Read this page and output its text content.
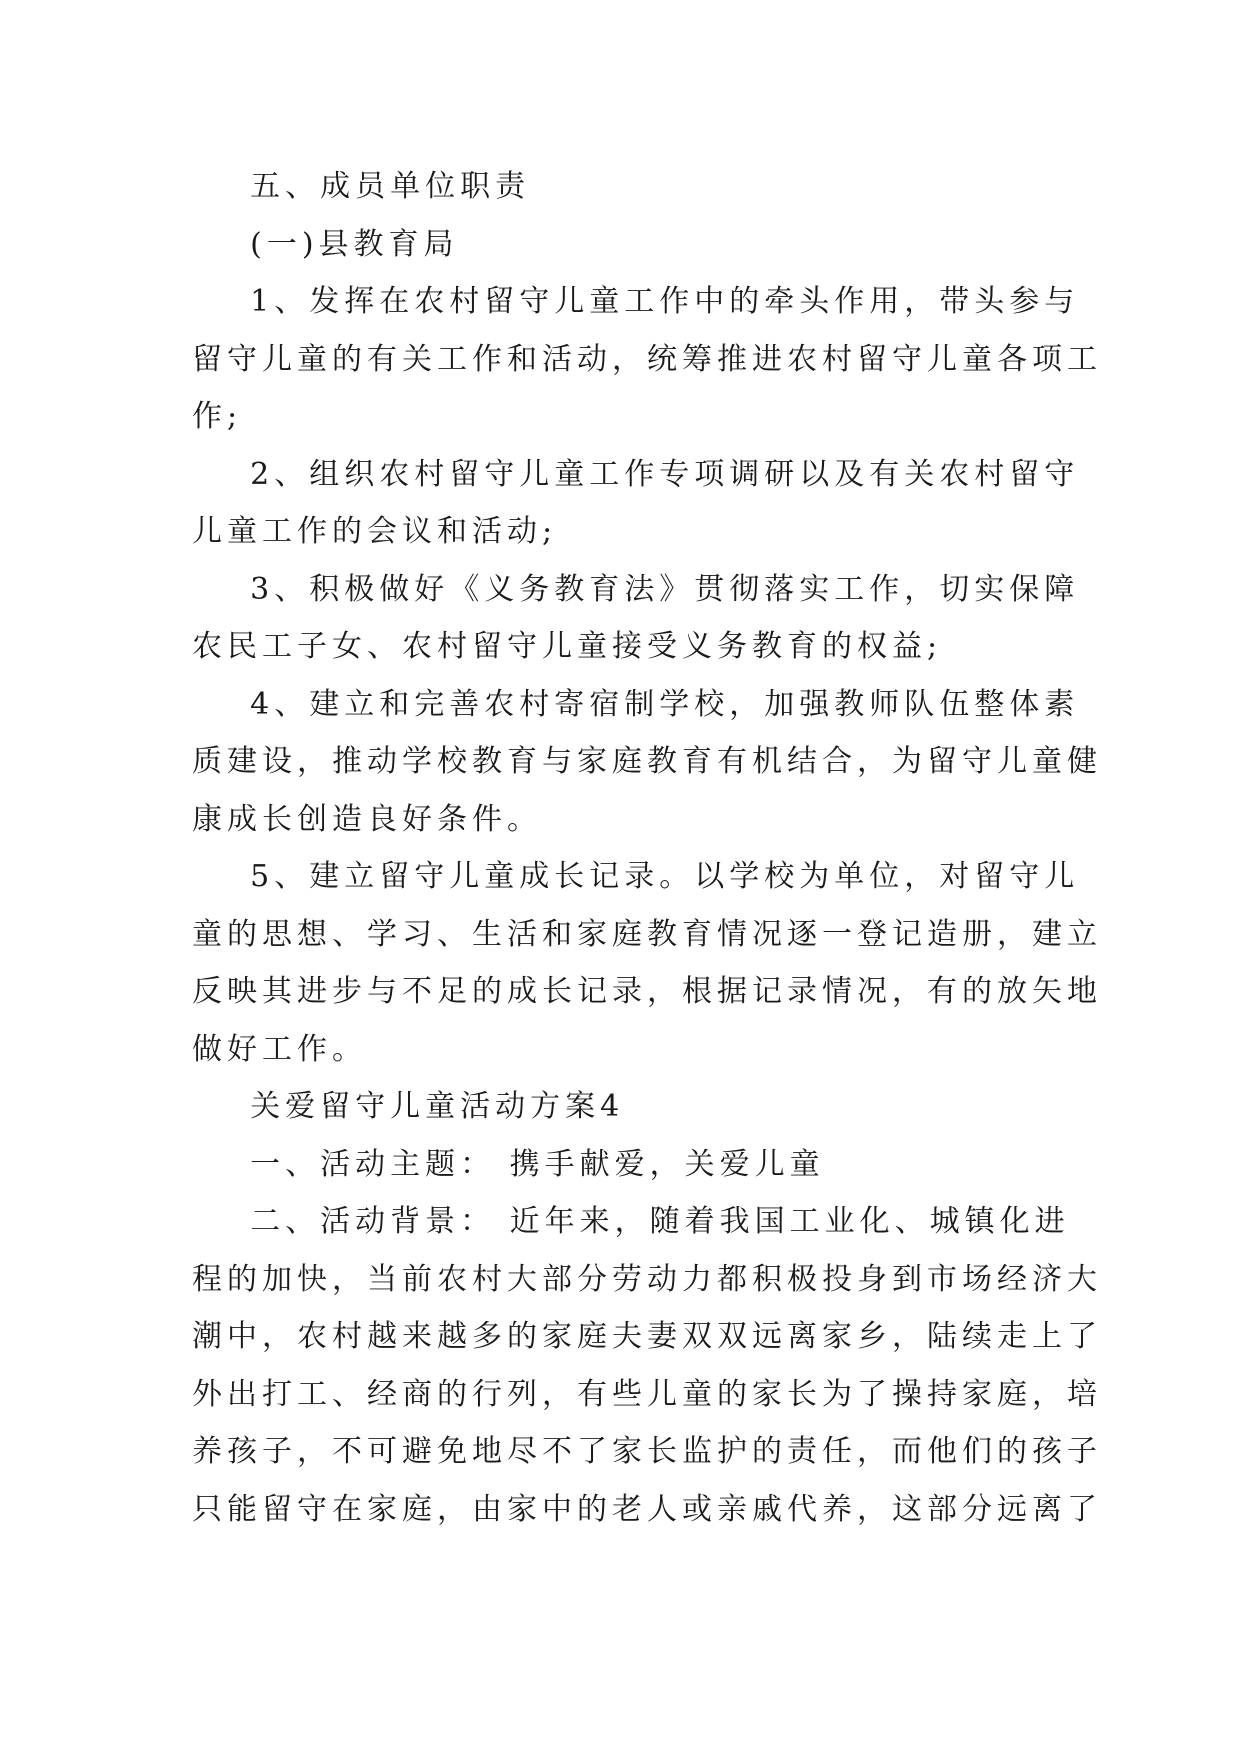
五、成员单位职责
(一)县教育局
1、发挥在农村留守儿童工作中的牵头作用，带头参与
留守儿童的有关工作和活动，统筹推进农村留守儿童各项工
作;
2、组织农村留守儿童工作专项调研以及有关农村留守
儿童工作的会议和活动;
3、积极做好《义务教育法》贯彻落实工作，切实保障
农民工子女、农村留守儿童接受义务教育的权益;
4、建立和完善农村寄宿制学校，加强教师队伍整体素
质建设，推动学校教育与家庭教育有机结合，为留守儿童健
康成长创造良好条件。
5、建立留守儿童成长记录。以学校为单位，对留守儿
童的思想、学习、生活和家庭教育情况逐一登记造册，建立
反映其进步与不足的成长记录，根据记录情况，有的放矢地
做好工作。
关爱留守儿童活动方案4
一、活动主题： 携手献爱，关爱儿童
二、活动背景： 近年来，随着我国工业化、城镇化进
程的加快，当前农村大部分劳动力都积极投身到市场经济大
潮中，农村越来越多的家庭夫妻双双远离家乡，陆续走上了
外出打工、经商的行列，有些儿童的家长为了操持家庭，培
养孩子，不可避免地尽不了家长监护的责任，而他们的孩子
只能留守在家庭，由家中的老人或亲戚代养，这部分远离了
